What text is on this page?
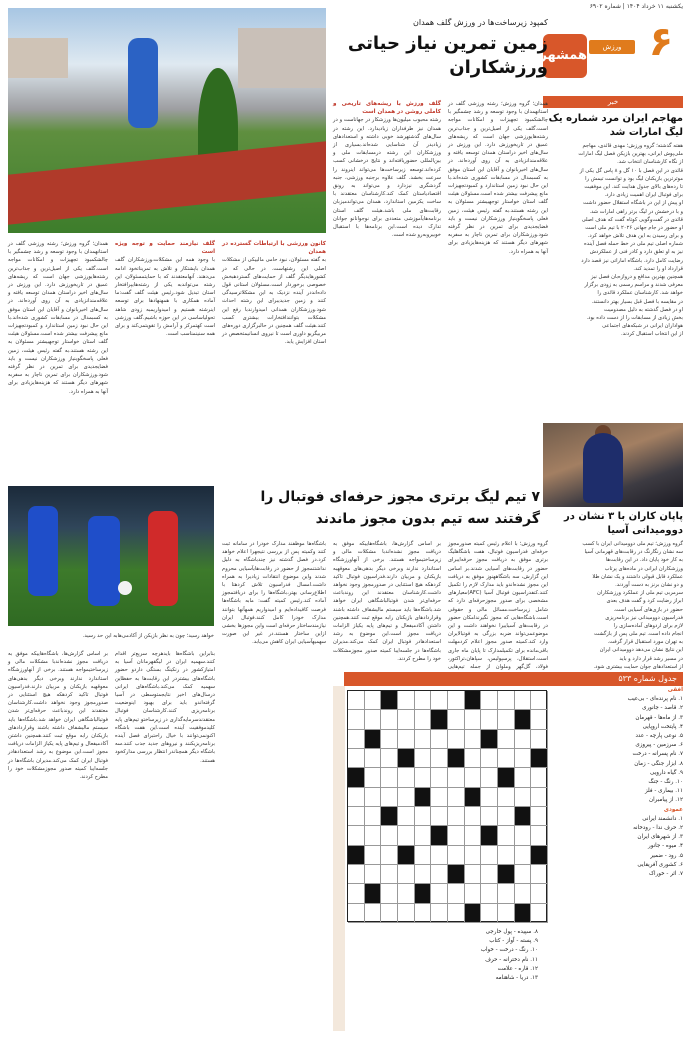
یکشنبه ۱۱ خرداد ۱۴۰۴ | شماره ۶۹۰۲
۶
ورزش
همشهری
خبر
مهاجم ایران مرد شماره یک لیگ امارات شد
هفته گذشته؛ گروه ورزش؛ مهدی قائدی، مهاجم
ملی‌پوش ایرانی، بهترین بازیکن فصل لیگ امارات
از نگاه کارشناسان انتخاب شد.
قائدی در این فصل با ۱۰ گل و ۸ پاس گل یکی از
موثرترین بازیکنان لیگ بود و توانست تیمش را
تا رده‌های بالای جدول هدایت کند. این موفقیت
برای فوتبال ایران اهمیت زیادی دارد.
او پیش از این در باشگاه استقلال حضور داشت
و با درخشش در لیگ برتر راهی امارات شد.
قائدی در گفت‌وگویی کوتاه گفت که هدف اصلی
او حضور در جام جهانی ۲۰۲۶ با تیم ملی است
و برای رسیدن به این هدف تلاش خواهد کرد.
شماره اصلی تیم ملی در خط حمله فصل آینده
نیز به او تعلق دارد و کادر فنی از عملکردش
رضایت کامل دارد. باشگاه اماراتی نیز قصد دارد
قرارداد او را تمدید کند.
همچنین بهترین مدافع و دروازه‌بان فصل نیز
معرفی شدند و مراسم رسمی به زودی برگزار
خواهد شد. کارشناسان عملکرد قائدی را
در مقایسه با فصل قبل بسیار بهتر دانستند.
او در فصل گذشته به دلیل مصدومیت
بخش زیادی از مسابقات را از دست داده بود.
هواداران ایرانی در شبکه‌های اجتماعی
از این انتخاب استقبال کردند.
پاپان کاران با ۳ نشان در دوومیدانی آسیا
گروه ورزش؛ تیم ملی دوومیدانی ایران با کسب
سه نشان رنگارنگ در رقابت‌های قهرمانی آسیا
به کار خود پایان داد. در این رقابت‌ها
ورزشکاران ایرانی در ماده‌های پرتاب
عملکرد قابل قبولی داشتند و یک نشان طلا
و دو نشان برنز به دست آوردند.
سرمربی تیم ملی از عملکرد ورزشکاران
ابراز رضایت کرد و گفت هدف بعدی
حضور در بازی‌های آسیایی است.
فدراسیون دوومیدانی نیز برنامه‌ریزی
لازم برای اردوهای آماده‌سازی را
انجام داده است. تیم ملی پس از بازگشت
به تهران مورد استقبال قرار گرفت.
این نتایج نشان می‌دهد دوومیدانی ایران
در مسیر رشد قرار دارد و باید
از استعدادهای جوان حمایت بیشتری شود.
کمپود زیرساخت‌ها در ورزش گلف همدان
زمین تمرین نیاز حیاتی ورزشکاران
همدان؛ گروه ورزش؛ رشته ورزشی گلف در استانهمدان با وجود توسعه و رشد چشمگیر با چالشکمبود تجهیزات و امکانات مواجه است.گلف یکی از اصیل‌ترین و جذاب‌ترین رشته‌هایورزشی جهان است که ریشه‌های عمیق در تاریخورزش دارد. این ورزش در سال‌های اخیر دراستان همدان توسعه یافته و علاقه‌مندانزیادی به آن روی آورده‌اند. در سال‌های اخیربانوان و آقایان این استان موفق به کسبمدال در مسابقات کشوری شده‌اند.با این حال نبود زمین استاندارد و کمبودتجهیزات مانع پیشرفت بیشتر شده است.مسئولان هیئت گلف استان خواستار توجهبیشتر مسئولان به این رشته هستند.به گفته رئیس هیئت، زمین فعلی پاسخگوینیاز ورزشکاران نیست و باید فضایجدیدی برای تمرین در نظر گرفته شود.ورزشکاران برای تمرین ناچار به سفربه شهرهای دیگر هستند که هزینه‌هایزیادی برای آنها به همراه دارد.
گلف ورزش با ریشه‌های تاریخی و کاملی روشن در همدان است
رشته محبوب میلیون‌ها ورزشکار در جهاناست و در همدان نیز طرفداران زیادیدارد. این رشته در سال‌های گذشتهرشد خوبی داشته و استعدادهای زیادیدر آن شناسایی شده‌اند.بسیاری از ورزشکاران این رشته درمسابقات ملی و بین‌المللی حضوریافته‌اند و نتایج درخشانی کسب کرده‌اند.توسعه زیرساخت‌ها می‌تواند اینروند را سرعت بخشد. گلف علاوه برجنبه ورزشی، جنبه گردشگری نیزدارد و می‌تواند به رونق اقتصادیاستان کمک کند.کارشناسان معتقدند با ساخت یکزمین استاندارد، همدان می‌تواندمیزبان رقابت‌های ملی باشد.هیئت گلف استان برنامه‌هایآموزشی متعددی برای نوجوانانو جوانان تدارک دیده است.این برنامه‌ها با استقبال خوبیروبه‌رو شده است.
کانون ورزشی با ارتباطات گسترده در همدان
به گفته مسئولان، نبود حامی مالییکی از مشکلات اصلی این رشتهاست. در حالی که در کشورهایدیگر گلف از حمایت‌های گستردهبخش خصوصی برخوردار است.مسئولان استانی قول داده‌انددر آینده نزدیک به این مشکلاترسیدگی کنند و زمین جدیدیبرای این رشته احداث شود.ورزشکاران همدانی امیدوارندبا رفع این مشکلات بتوانندافتخارات بیشتری کسب کنند.هیئت گلف همچنین در حالبرگزاری دوره‌های مربیگریو داوری است تا نیروی انسانیمتخصص در استان افزایش یابد.
گلف نیازمند حمایت و توجه ویژه است
با وجود همه این مشکلات،ورزشکاران گلف همدان باپشتکار و تلاش به تمریناتخود ادامه می‌دهند. آنهامعتقدند که با حمایتمسئولان، این رشته می‌تواندبه یکی از رشته‌هایپرافتخار استان تبدیل شود.رئیس هیئت گلف گفت:ما آماده همکاری با همهنهادها برای توسعه اینرشته هستیم و امیدواریمبه زودی شاهد تحولیاساسی در این حوزه باشیم.گلف ورزشی است کهتمرکز و آرامش را تقویتمی‌کند و برای همه سنینمناسب است.
همدان؛ گروه ورزش؛ رشته ورزشی گلف در استانهمدان با وجود توسعه و رشد چشمگیر با چالشکمبود تجهیزات و امکانات مواجه است.گلف یکی از اصیل‌ترین و جذاب‌ترین رشته‌هایورزشی جهان است که ریشه‌های عمیق در تاریخورزش دارد. این ورزش در سال‌های اخیر دراستان همدان توسعه یافته و علاقه‌مندانزیادی به آن روی آورده‌اند. در سال‌های اخیربانوان و آقایان این استان موفق به کسبمدال در مسابقات کشوری شده‌اند.با این حال نبود زمین استاندارد و کمبودتجهیزات مانع پیشرفت بیشتر شده است.مسئولان هیئت گلف استان خواستار توجهبیشتر مسئولان به این رشته هستند.به گفته رئیس هیئت، زمین فعلی پاسخگوینیاز ورزشکاران نیست و باید فضایجدیدی برای تمرین در نظر گرفته شود.ورزشکاران برای تمرین ناچار به سفربه شهرهای دیگر هستند که هزینه‌هایزیادی برای آنها به همراه دارد.
۷ تیم لیگ برتری مجوز حرفه‌ای فوتبال را گرفتند سه تیم بدون مجوز ماندند
خواهد رسید؛ چون به نظر بازیکن از آکادمی‌هابه این حد رسید.
گروه ورزش؛ با اعلام رئیس کمیته صدورمجوز حرفه‌ای فدراسیون فوتبال، هفت باشگاهلیگ برتری موفق به دریافت مجوز حرفه‌ایبرای حضور در رقابت‌های آسیایی شدند.بر اساس این گزارش، سه باشگاههنوز موفق به دریافت این مجوز نشده‌اندو باید مدارک لازم را تکمیل کنند.کنفدراسیون فوتبال آسیا (AFC)معیارهای مشخصی برای صدور مجوزحرفه‌ای دارد که شامل زیرساخت،مسائل مالی و حقوقی است.باشگاه‌هایی که مجوز نگیرندامکان حضور در رقابت‌های آسیاییرا نخواهند داشت و این موضوعمی‌تواند ضربه بزرگی به فوتبالایران وارد کند.کمیته صدور مجوز اعلام کردمهلت باقی‌مانده برای تکمیلمدارک تا پایان ماه جاری است.استقلال، پرسپولیس، سپاهان،تراکتور، فولاد، گل‌گهر وملوان از جمله تیم‌هایی
بر اساس گزارش‌ها، باشگاه‌هاییکه موفق به دریافت مجوز نشده‌اندبا مشکلات مالی و زیرساختیمواجه هستند. برخی از آنهاورزشگاه استاندارد ندارند وبرخی دیگر بدهی‌های معوقهبه بازیکنان و مربیان دارند.فدراسیون فوتبال تاکید کردهکه هیچ استثنایی در صدورمجوز وجود نخواهد داشت.کارشناسان معتقدند این روندباعث حرفه‌ای‌تر شدن فوتبالباشگاهی ایران خواهد شد.باشگاه‌ها باید سیستم مالیشفاف داشته باشند وقراردادهای بازیکنان رابه موقع ثبت کنند.همچنین داشتن آکادمیفعال و تیم‌های پایه یکیاز الزامات دریافت مجوز است.این موضوع به رشد استعدادهادر فوتبال ایران کمک می‌کند.مدیران باشگاه‌ها در جلسه‌ایبا کمیته صدور مجوزمشکلات خود را مطرح کردند.
باشگاه‌ها موظفند مدارک خودرا در سامانه ثبت کنند وکمیته پس از بررسی نتیجهرا اعلام خواهد کرد.در فصل گذشته نیز چندباشگاه به دلیل نداشتنمجوز از حضور در رقابت‌هایآسیایی محروم شدند واین موضوع انتقادات زیادیرا به همراه داشت.امسال فدراسیون تلاش کردهتا با اطلاع‌رسانی بهتر،باشگاه‌ها را برای دریافتمجوز آماده کند.رئیس کمیته گفت: مابه باشگاه‌ها فرصت کافیداده‌ایم و امیدواریم همهآنها بتوانند مدارک خودرا کامل کنند.فوتبال ایران نیازمندساختار حرفه‌ای است واین مجوزها بخشی ازاین ساختار هستند.در غیر این صورت سهمیهآسیایی ایران کاهش می‌یابد.
بنابراین باشگاه‌ها بایدهرچه سریع‌تر اقدام کنند.سهمیه ایران در لیگقهرمانان آسیا به امتیازکشور در رنکینگ بستگی داردو حضور باشگاه‌های بیشتردر این رقابت‌ها به حفظاین سهمیه کمک می‌کند.باشگاه‌های ایرانی درسال‌های اخیر نتایجمتوسطی در آسیا گرفته‌اندو باید برای بهبود اینوضعیت برنامه‌ریزی کنند.کارشناسان فوتبال معتقدندسرمایه‌گذاری در زیرساختو تیم‌های پایه کلیدموفقیت آینده است.این هفت باشگاه اکنونمی‌توانند با خیال راحتبرای فصل آینده برنامه‌ریزیکنند و نیروهای جدید جذب کنند.سه باشگاه دیگر همچناندر انتظار بررسی مدارکخود هستند.
بر اساس گزارش‌ها، باشگاه‌هاییکه موفق به دریافت مجوز نشده‌اندبا مشکلات مالی و زیرساختیمواجه هستند. برخی از آنهاورزشگاه استاندارد ندارند وبرخی دیگر بدهی‌های معوقهبه بازیکنان و مربیان دارند.فدراسیون فوتبال تاکید کردهکه هیچ استثنایی در صدورمجوز وجود نخواهد داشت.کارشناسان معتقدند این روندباعث حرفه‌ای‌تر شدن فوتبالباشگاهی ایران خواهد شد.باشگاه‌ها باید سیستم مالیشفاف داشته باشند وقراردادهای بازیکنان رابه موقع ثبت کنند.همچنین داشتن آکادمیفعال و تیم‌های پایه یکیاز الزامات دریافت مجوز است.این موضوع به رشد استعدادهادر فوتبال ایران کمک می‌کند.مدیران باشگاه‌ها در جلسه‌ایبا کمیته صدور مجوزمشکلات خود را مطرح کردند.
جدول شماره ۵۳۳
افقی
۱. نام پرنده‌ای - بی‌عیب
۲. قاصد - جانوری
۳. از ماه‌ها - قهرمان
۴. پایتخت اروپایی
۵. نوعی پارچه - عدد
۶. سرزمین - پیروزی
۷. نام پسرانه - درخت
۸. ابزار جنگی - زمان
۹. گیاه دارویی
۱۰. رنگ - جنگ
۱۱. بیماری - فلز
۱۲. از پیامبران
عمودی
۱. دانشمند ایرانی
۲. حرف ندا - رودخانه
۳. از شهرهای ایران
۴. میوه - جانور
۵. رود - ضمیر
۶. کشوری آفریقایی
۷. اثر - خوراک
۸. سپیده - پول خارجی
۹. پسته - آواز - کتاب
۱۰. رنگ - درخت - خواب
۱۱. نام دخترانه - حرف
۱۲. قاره - علامت
۱۳. دریا - شاهنامه
